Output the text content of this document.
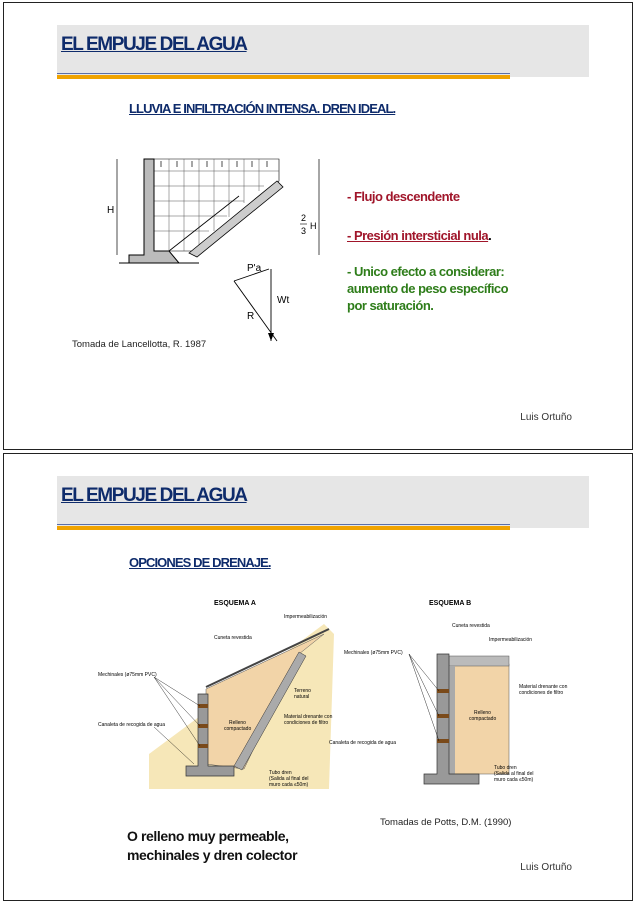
EL EMPUJE DEL AGUA
LLUVIA E INFILTRACIÓN INTENSA. DREN IDEAL.
H
2
3 H
P'a
Wt
R
- Flujo descendente
- Presión intersticial nula.
- Unico efecto a considerar:
aumento de peso específico
por saturación.
Tomada de Lancellotta, R. 1987
Luis Ortuño
EL EMPUJE DEL AGUA
OPCIONES DE DRENAJE.
ESQUEMA A
Impermeabilización
Cuneta revestida
Mechinales (ø75mm PVC)
Relleno
compactado
Terreno
natural
Material drenante con
condiciones de filtro
Canaleta de recogida de agua
Tubo dren
(Salida al final del
muro cada ≤50m)
ESQUEMA B
Cuneta revestida
Impermeabilización
Mechinales (ø75mm PVC)
Material drenante con
condiciones de filtro
Relleno
compactado
Canaleta de recogida de agua
Tubo dren
(Salida al final del
muro cada ≤50m)
Tomadas de Potts, D.M. (1990)
O relleno muy permeable,
mechinales y dren colector
Luis Ortuño
